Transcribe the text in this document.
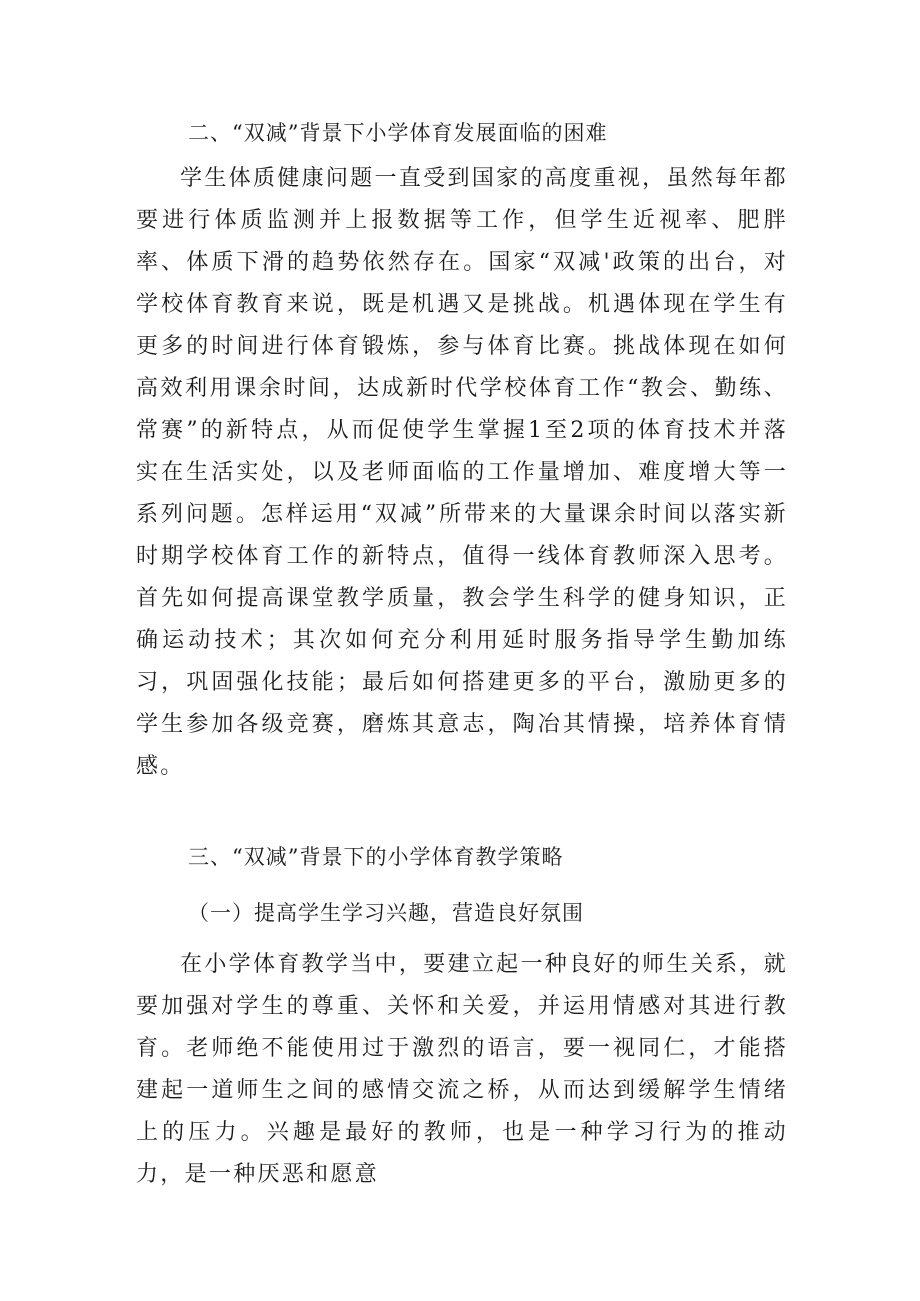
二、“双减”背景下小学体育发展面临的困难
学生体质健康问题一直受到国家的高度重视，虽然每年都要进行体质监测并上报数据等工作，但学生近视率、肥胖率、体质下滑的趋势依然存在。国家“双减'政策的出台，对学校体育教育来说，既是机遇又是挑战。机遇体现在学生有更多的时间进行体育锻炼，参与体育比赛。挑战体现在如何高效利用课余时间，达成新时代学校体育工作“教会、勤练、常赛”的新特点，从而促使学生掌握1至2项的体育技术并落实在生活实处，以及老师面临的工作量增加、难度增大等一系列问题。怎样运用“双减”所带来的大量课余时间以落实新时期学校体育工作的新特点，值得一线体育教师深入思考。首先如何提高课堂教学质量，教会学生科学的健身知识，正确运动技术；其次如何充分利用延时服务指导学生勤加练习，巩固强化技能；最后如何搭建更多的平台，激励更多的学生参加各级竞赛，磨炼其意志，陶冶其情操，培养体育情感。
三、“双减”背景下的小学体育教学策略
（一）提高学生学习兴趣，营造良好氛围
在小学体育教学当中，要建立起一种良好的师生关系，就要加强对学生的尊重、关怀和关爱，并运用情感对其进行教育。老师绝不能使用过于激烈的语言，要一视同仁，才能搭建起一道师生之间的感情交流之桥，从而达到缓解学生情绪上的压力。兴趣是最好的教师，也是一种学习行为的推动力，是一种厌恶和愿意
